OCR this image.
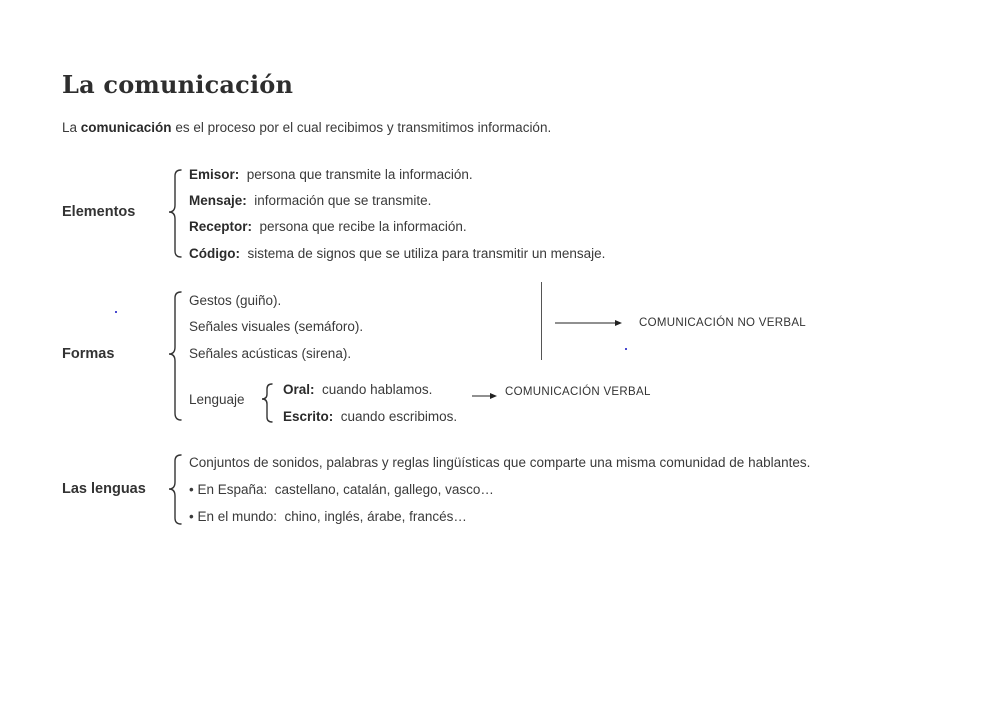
La comunicación
La comunicación es el proceso por el cual recibimos y transmitimos información.
Elementos
Emisor: persona que transmite la información.
Mensaje: información que se transmite.
Receptor: persona que recibe la información.
Código: sistema de signos que se utiliza para transmitir un mensaje.
Formas
Gestos (guiño).
Señales visuales (semáforo).
Señales acústicas (sirena).
COMUNICACIÓN NO VERBAL
Lenguaje
Oral: cuando hablamos.
Escrito: cuando escribimos.
COMUNICACIÓN VERBAL
Las lenguas
Conjuntos de sonidos, palabras y reglas lingüísticas que comparte una misma comunidad de hablantes.
• En España: castellano, catalán, gallego, vasco…
• En el mundo: chino, inglés, árabe, francés…
